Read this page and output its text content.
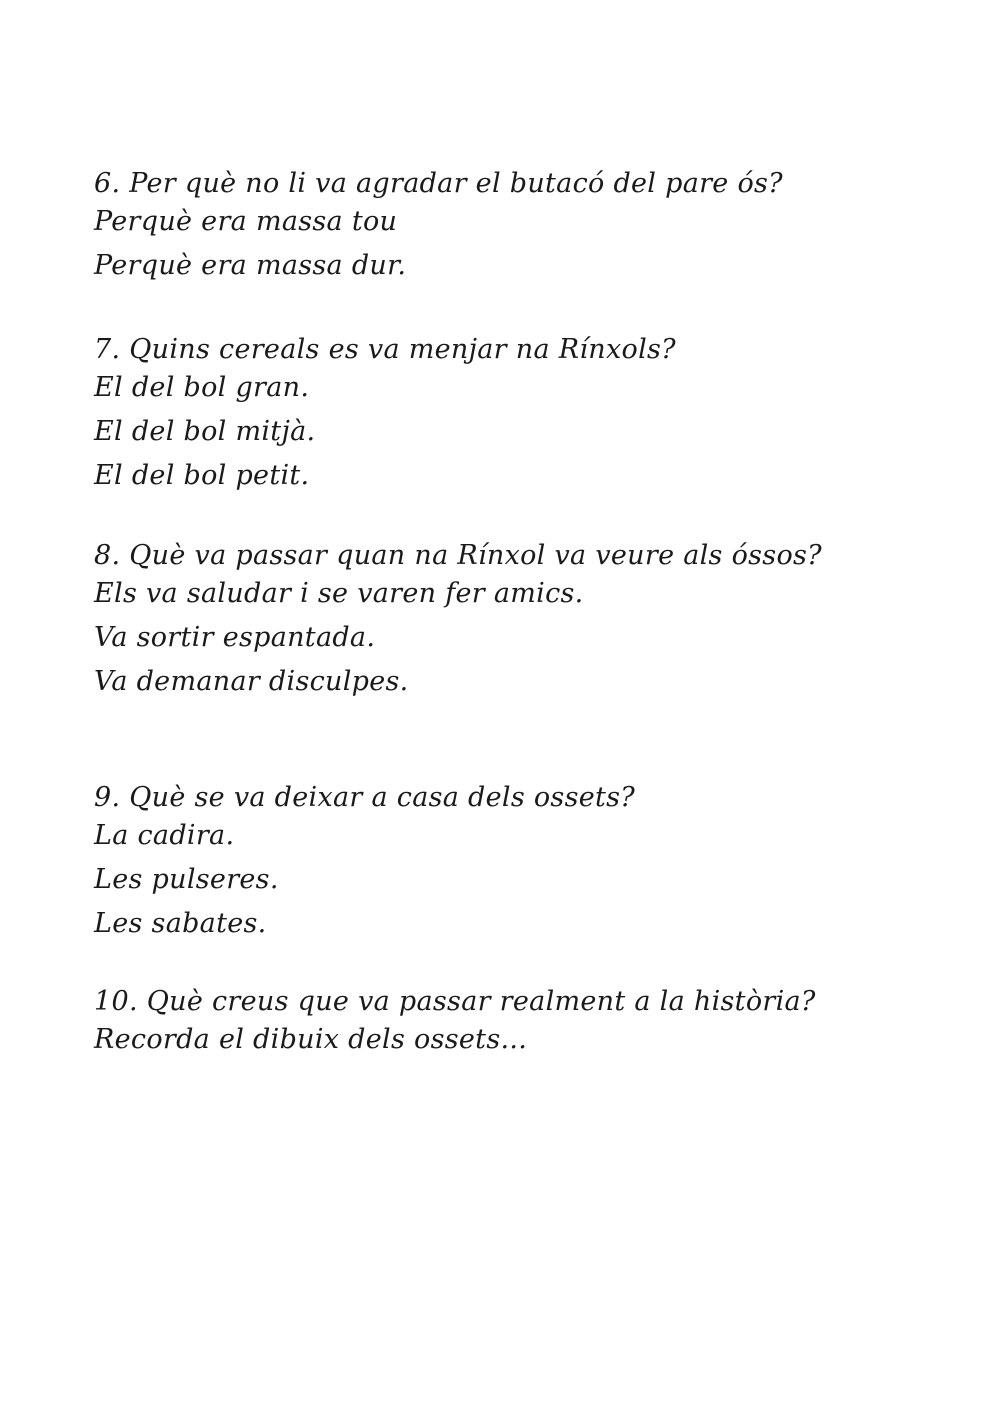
6. Per què no li va agradar el butacó del pare ós?
Perquè era massa tou
Perquè era massa dur.
7. Quins cereals es va menjar na Rínxols?
El del bol gran.
El del bol mitjà.
El del bol petit.
8. Què va passar quan na Rínxol va veure als óssos?
Els va saludar i se varen fer amics.
Va sortir espantada.
Va demanar disculpes.
9. Què se va deixar a casa dels ossets?
La cadira.
Les pulseres.
Les sabates.
10. Què creus que va passar realment a la història?
Recorda el dibuix dels ossets...
